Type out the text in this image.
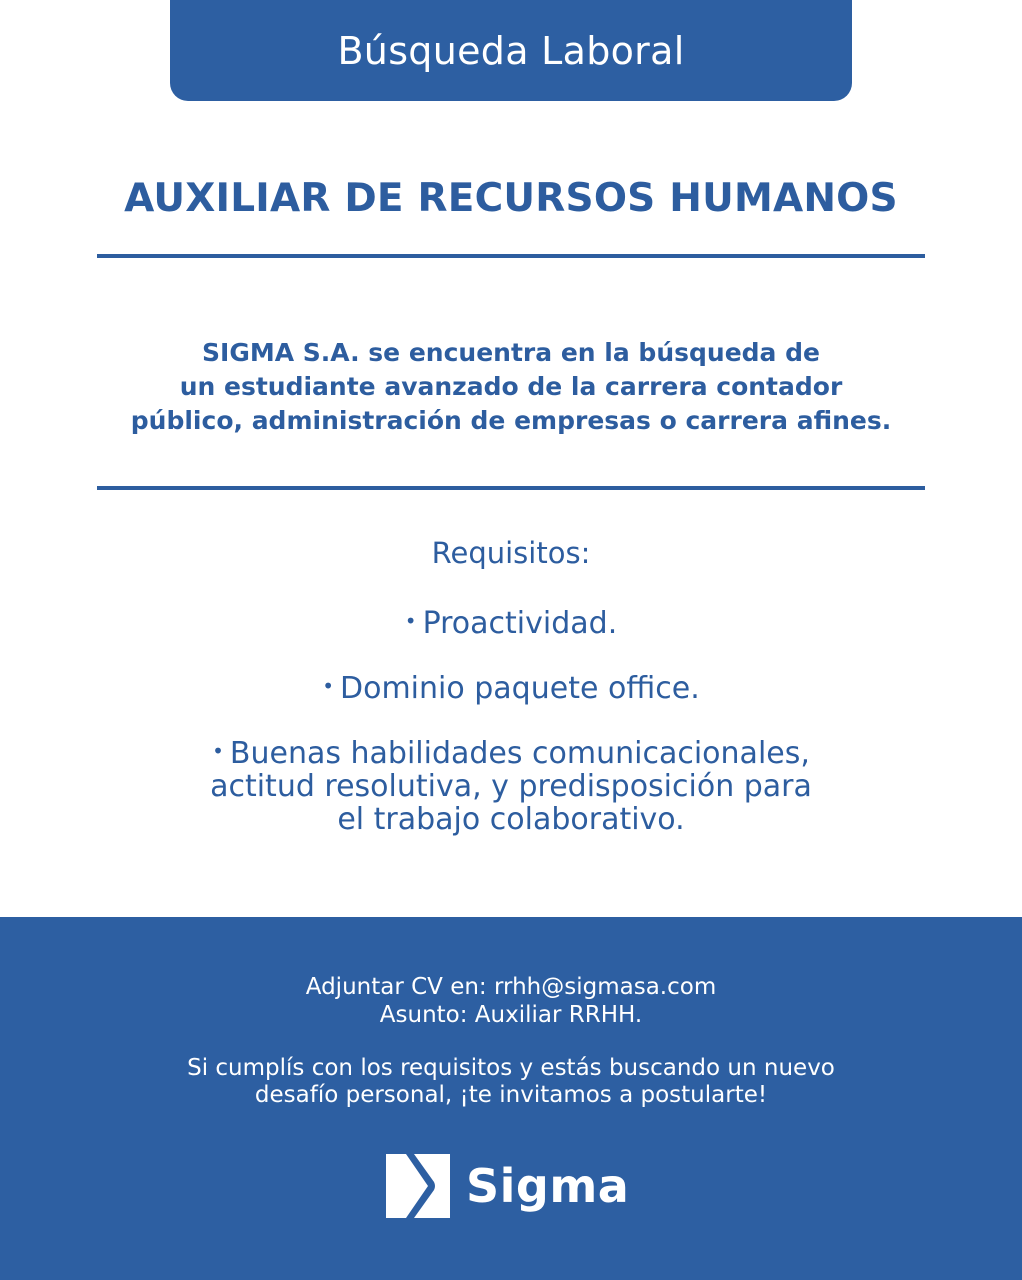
Búsqueda Laboral
AUXILIAR DE RECURSOS HUMANOS
SIGMA S.A. se encuentra en la búsqueda de
un estudiante avanzado de la carrera contador
público, administración de empresas o carrera afines.
Requisitos:
• Proactividad.
• Dominio paquete office.
• Buenas habilidades comunicacionales,
actitud resolutiva, y predisposición para
el trabajo colaborativo.
Adjuntar CV en: rrhh@sigmasa.com
Asunto: Auxiliar RRHH.
Si cumplís con los requisitos y estás buscando un nuevo
desafío personal, ¡te invitamos a postularte!
Sigma
